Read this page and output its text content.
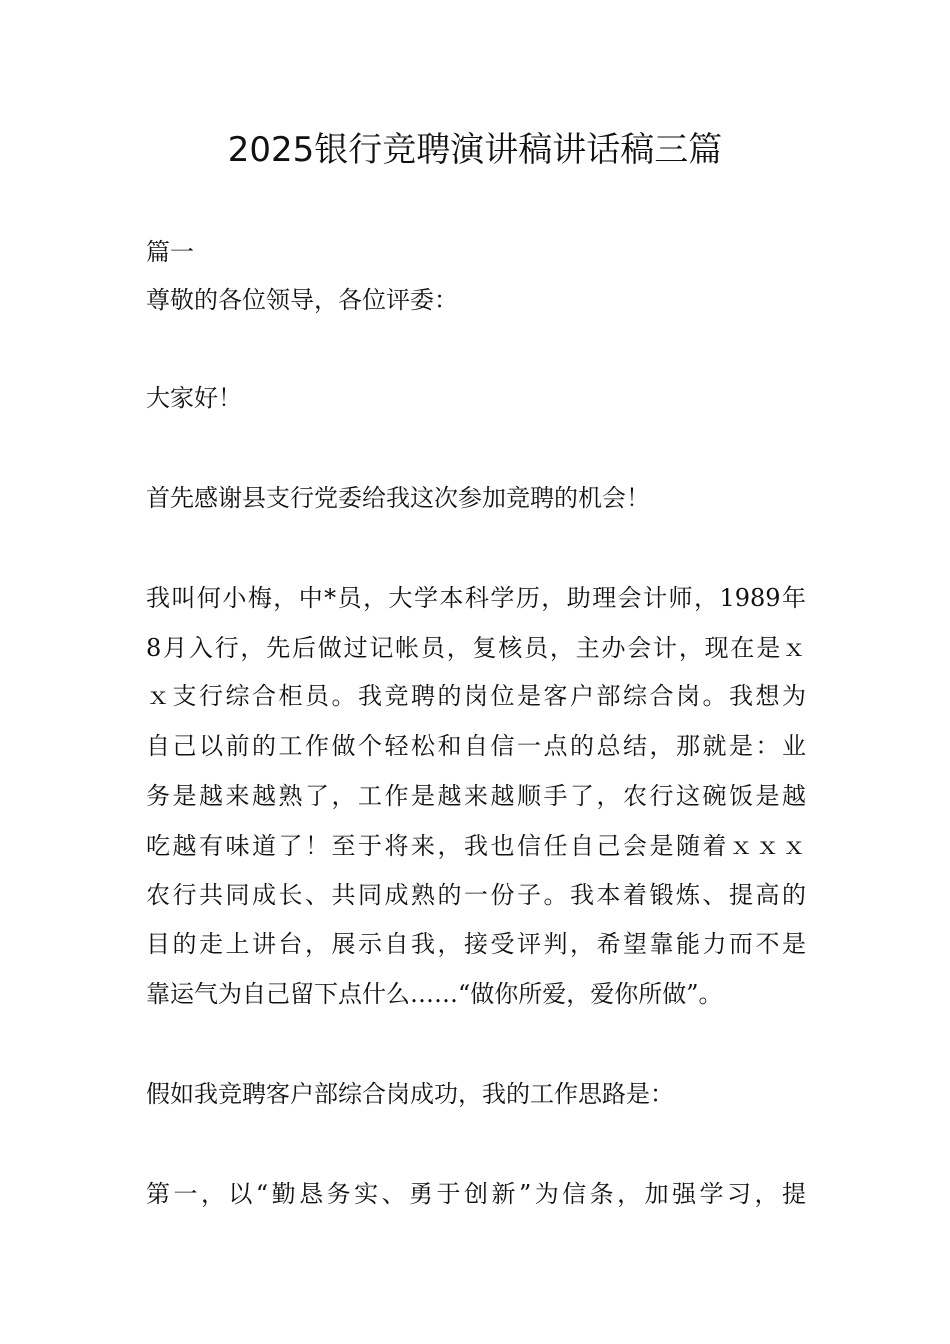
2025银行竞聘演讲稿讲话稿三篇
篇一
尊敬的各位领导，各位评委：
大家好！
首先感谢县支行党委给我这次参加竞聘的机会！
我叫何小梅，中*员，大学本科学历，助理会计师，1989年
8月入行，先后做过记帐员，复核员，主办会计，现在是ｘ
ｘ支行综合柜员。我竞聘的岗位是客户部综合岗。我想为
自己以前的工作做个轻松和自信一点的总结，那就是：业
务是越来越熟了，工作是越来越顺手了，农行这碗饭是越
吃越有味道了！至于将来，我也信任自己会是随着ｘｘｘ
农行共同成长、共同成熟的一份子。我本着锻炼、提高的
目的走上讲台，展示自我，接受评判，希望靠能力而不是
靠运气为自己留下点什么……“做你所爱，爱你所做”。
假如我竞聘客户部综合岗成功，我的工作思路是：
第一，以“勤恳务实、勇于创新”为信条，加强学习，提
